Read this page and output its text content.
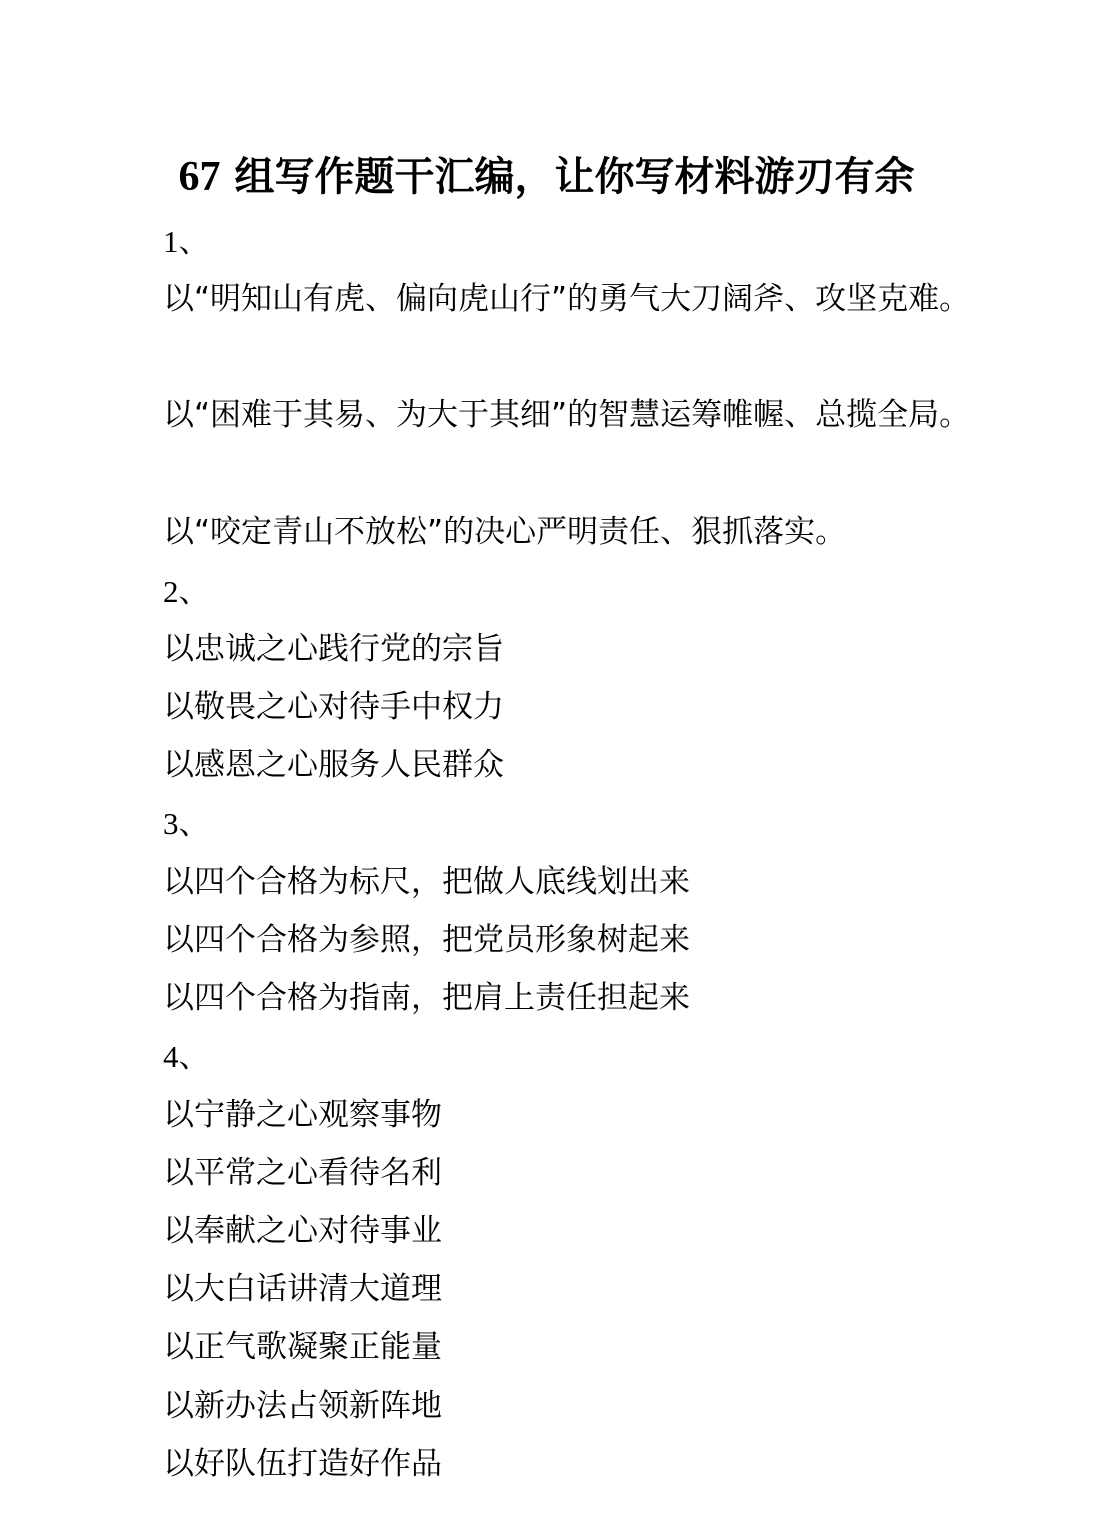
67 组写作题干汇编，让你写材料游刃有余
1、
以“明知山有虎、偏向虎山行”的勇气大刀阔斧、攻坚克难。
以“困难于其易、为大于其细”的智慧运筹帷幄、总揽全局。
以“咬定青山不放松”的决心严明责任、狠抓落实。
2、
以忠诚之心践行党的宗旨
以敬畏之心对待手中权力
以感恩之心服务人民群众
3、
以四个合格为标尺，把做人底线划出来
以四个合格为参照，把党员形象树起来
以四个合格为指南，把肩上责任担起来
4、
以宁静之心观察事物
以平常之心看待名利
以奉献之心对待事业
以大白话讲清大道理
以正气歌凝聚正能量
以新办法占领新阵地
以好队伍打造好作品
